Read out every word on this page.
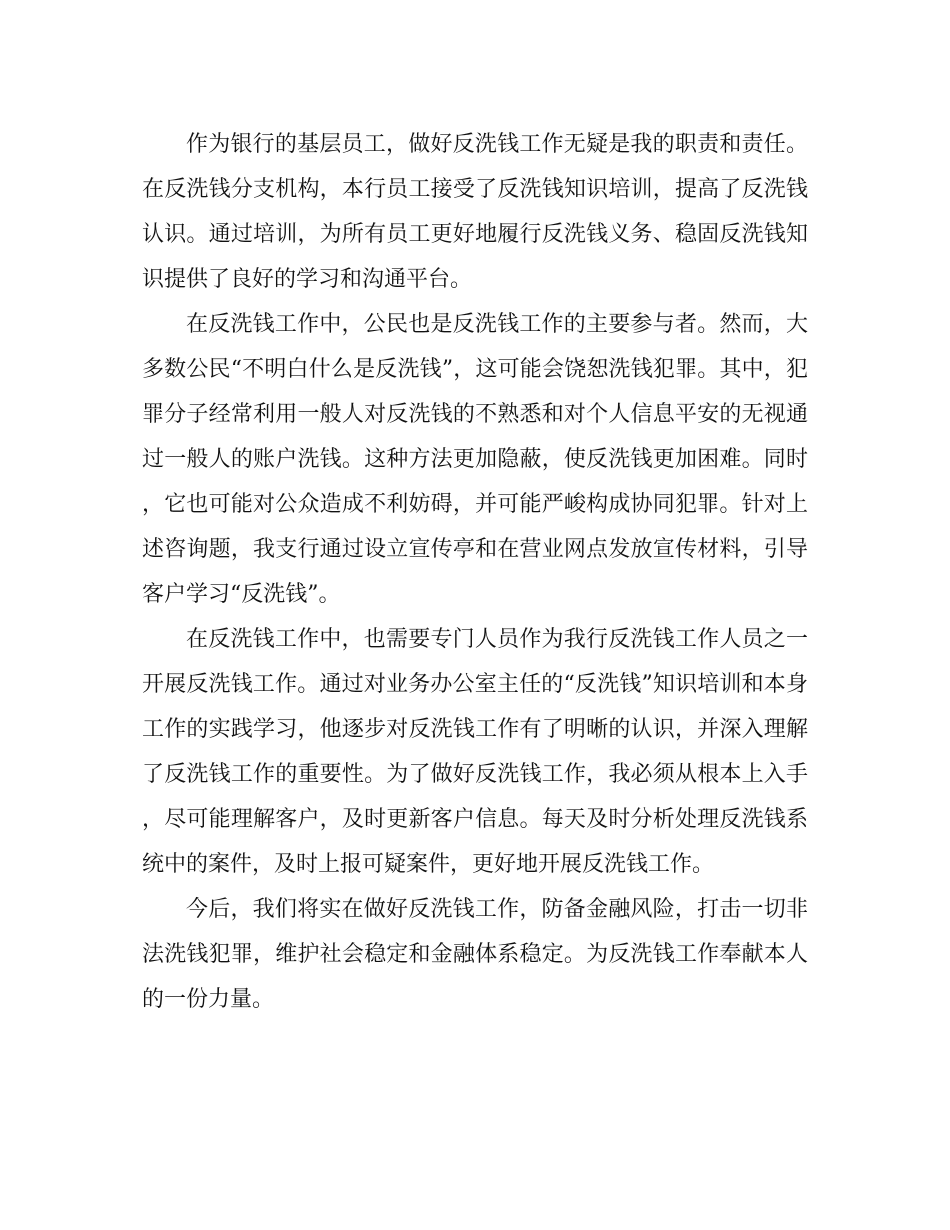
作为银行的基层员工，做好反洗钱工作无疑是我的职责和责任。在反洗钱分支机构，本行员工接受了反洗钱知识培训，提高了反洗钱认识。通过培训，为所有员工更好地履行反洗钱义务、稳固反洗钱知识提供了良好的学习和沟通平台。

在反洗钱工作中，公民也是反洗钱工作的主要参与者。然而，大多数公民“不明白什么是反洗钱”，这可能会饶恕洗钱犯罪。其中，犯罪分子经常利用一般人对反洗钱的不熟悉和对个人信息平安的无视通过一般人的账户洗钱。这种方法更加隐蔽，使反洗钱更加困难。同时，它也可能对公众造成不利妨碍，并可能严峻构成协同犯罪。针对上述咨询题，我支行通过设立宣传亭和在营业网点发放宣传材料，引导客户学习“反洗钱”。

在反洗钱工作中，也需要专门人员作为我行反洗钱工作人员之一开展反洗钱工作。通过对业务办公室主任的“反洗钱”知识培训和本身工作的实践学习，他逐步对反洗钱工作有了明晰的认识，并深入理解了反洗钱工作的重要性。为了做好反洗钱工作，我必须从根本上入手，尽可能理解客户，及时更新客户信息。每天及时分析处理反洗钱系统中的案件，及时上报可疑案件，更好地开展反洗钱工作。

今后，我们将实在做好反洗钱工作，防备金融风险，打击一切非法洗钱犯罪，维护社会稳定和金融体系稳定。为反洗钱工作奉献本人的一份力量。
